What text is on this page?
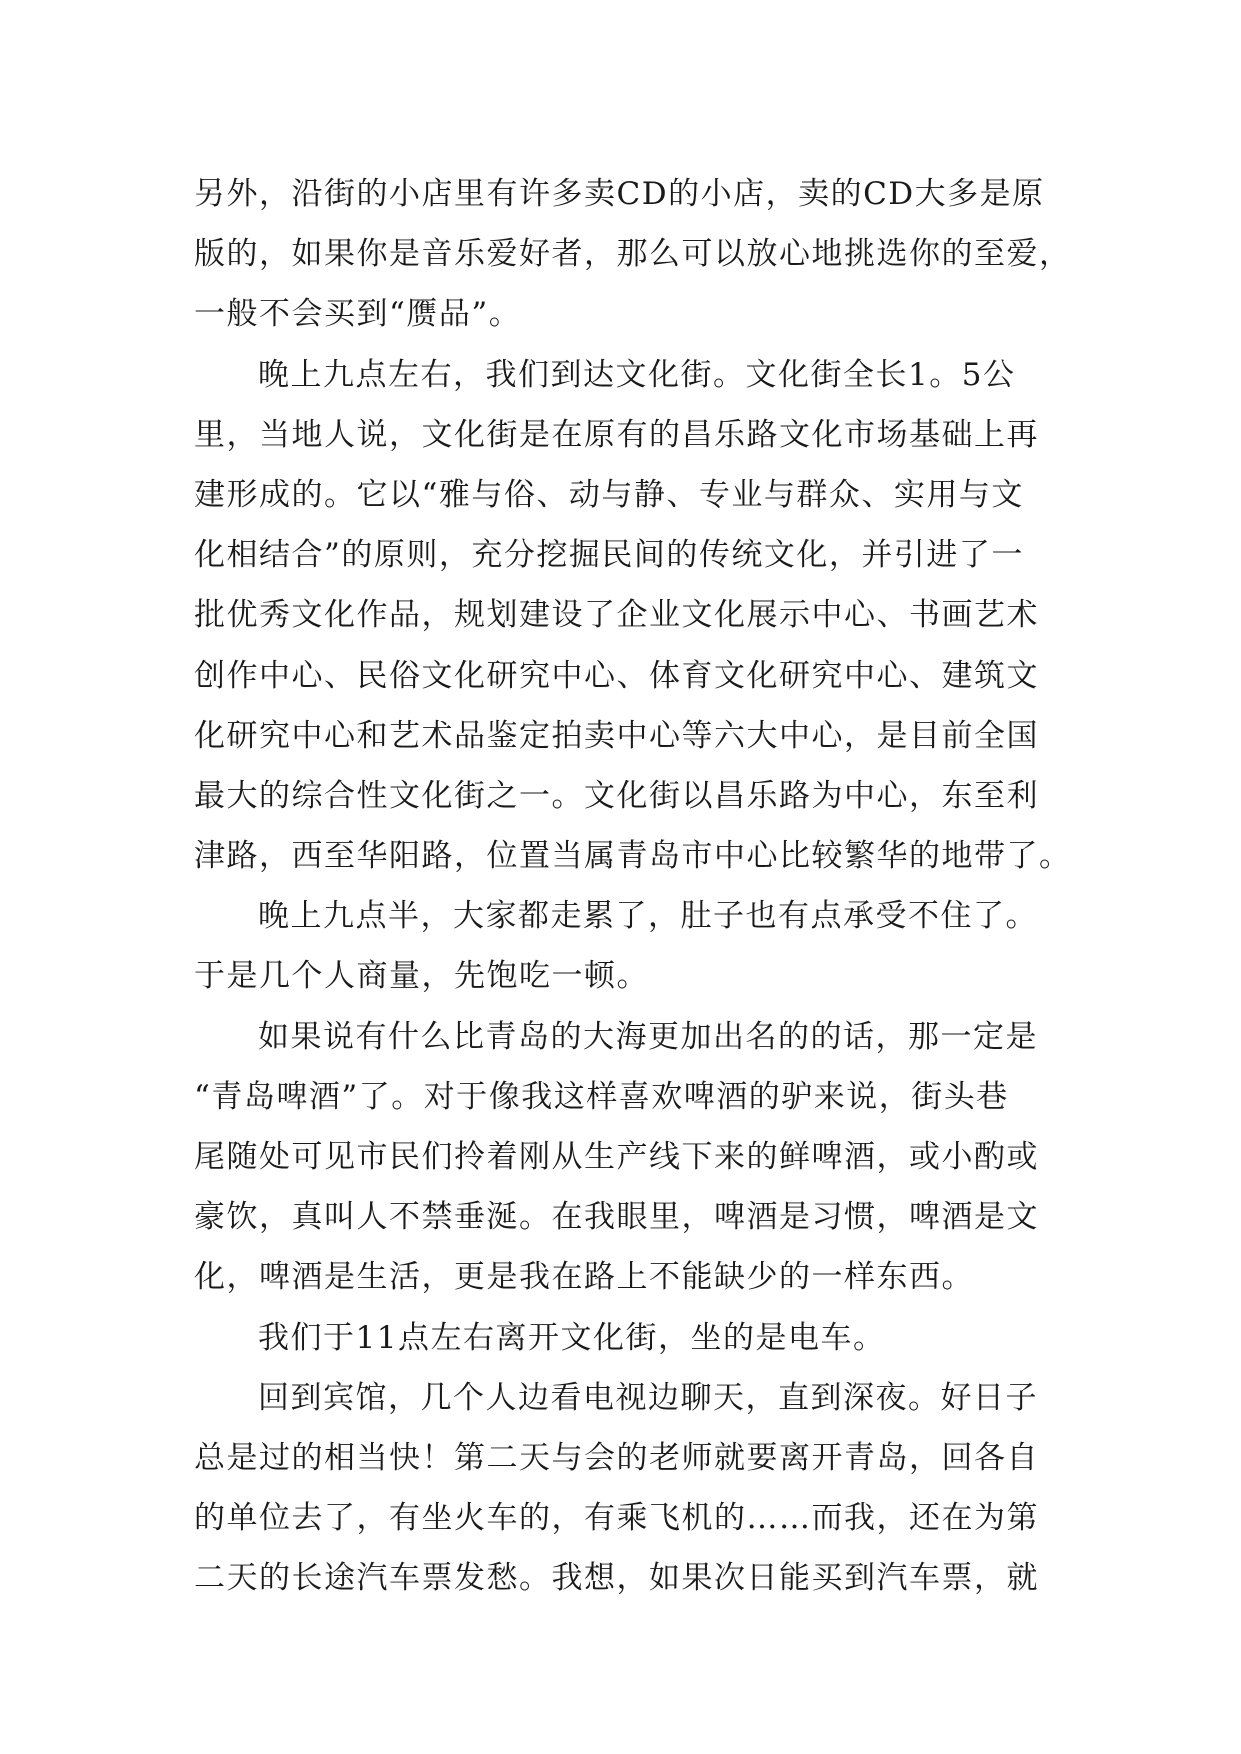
另外，沿街的小店里有许多卖CD的小店，卖的CD大多是原
版的，如果你是音乐爱好者，那么可以放心地挑选你的至爱，
一般不会买到“赝品”。
晚上九点左右，我们到达文化街。文化街全长1。5公
里，当地人说，文化街是在原有的昌乐路文化市场基础上再
建形成的。它以“雅与俗、动与静、专业与群众、实用与文
化相结合”的原则，充分挖掘民间的传统文化，并引进了一
批优秀文化作品，规划建设了企业文化展示中心、书画艺术
创作中心、民俗文化研究中心、体育文化研究中心、建筑文
化研究中心和艺术品鉴定拍卖中心等六大中心，是目前全国
最大的综合性文化街之一。文化街以昌乐路为中心，东至利
津路，西至华阳路，位置当属青岛市中心比较繁华的地带了。
晚上九点半，大家都走累了，肚子也有点承受不住了。
于是几个人商量，先饱吃一顿。
如果说有什么比青岛的大海更加出名的的话，那一定是
“青岛啤酒”了。对于像我这样喜欢啤酒的驴来说，街头巷
尾随处可见市民们拎着刚从生产线下来的鲜啤酒，或小酌或
豪饮，真叫人不禁垂涎。在我眼里，啤酒是习惯，啤酒是文
化，啤酒是生活，更是我在路上不能缺少的一样东西。
我们于11点左右离开文化街，坐的是电车。
回到宾馆，几个人边看电视边聊天，直到深夜。好日子
总是过的相当快！第二天与会的老师就要离开青岛，回各自
的单位去了，有坐火车的，有乘飞机的……而我，还在为第
二天的长途汽车票发愁。我想，如果次日能买到汽车票，就
